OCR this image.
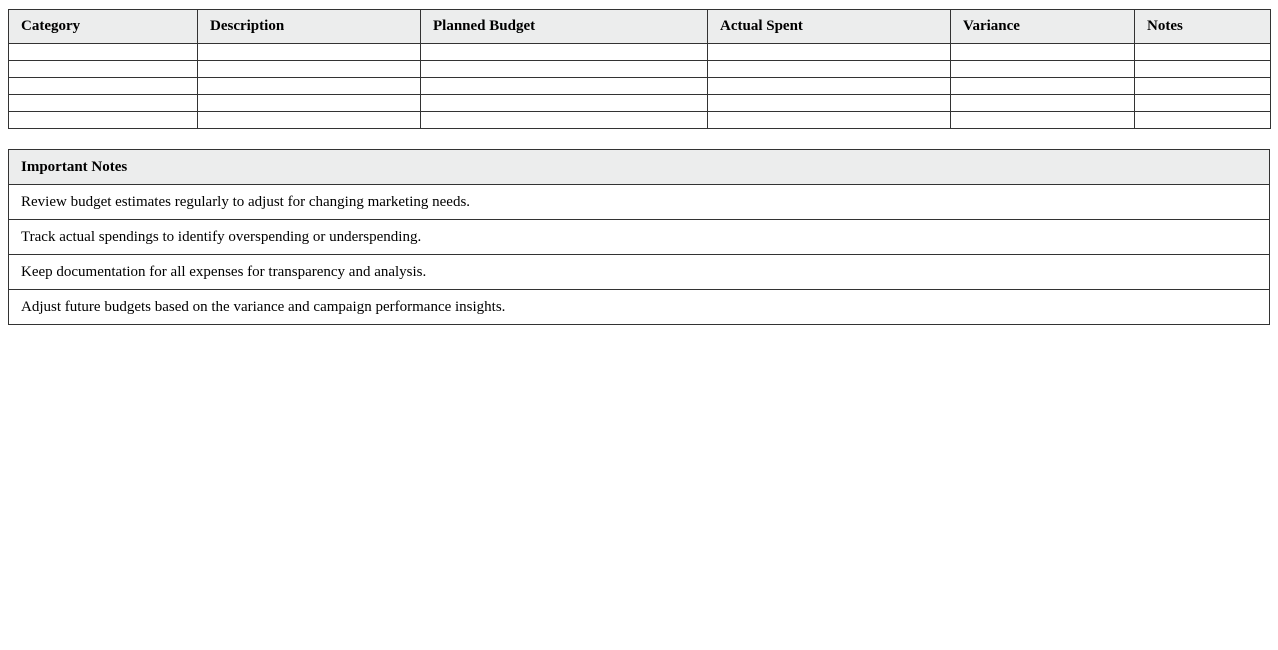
Category	Description	Planned Budget	Actual Spent	Variance	Notes

Important Notes
Review budget estimates regularly to adjust for changing marketing needs.
Track actual spendings to identify overspending or underspending.
Keep documentation for all expenses for transparency and analysis.
Adjust future budgets based on the variance and campaign performance insights.
